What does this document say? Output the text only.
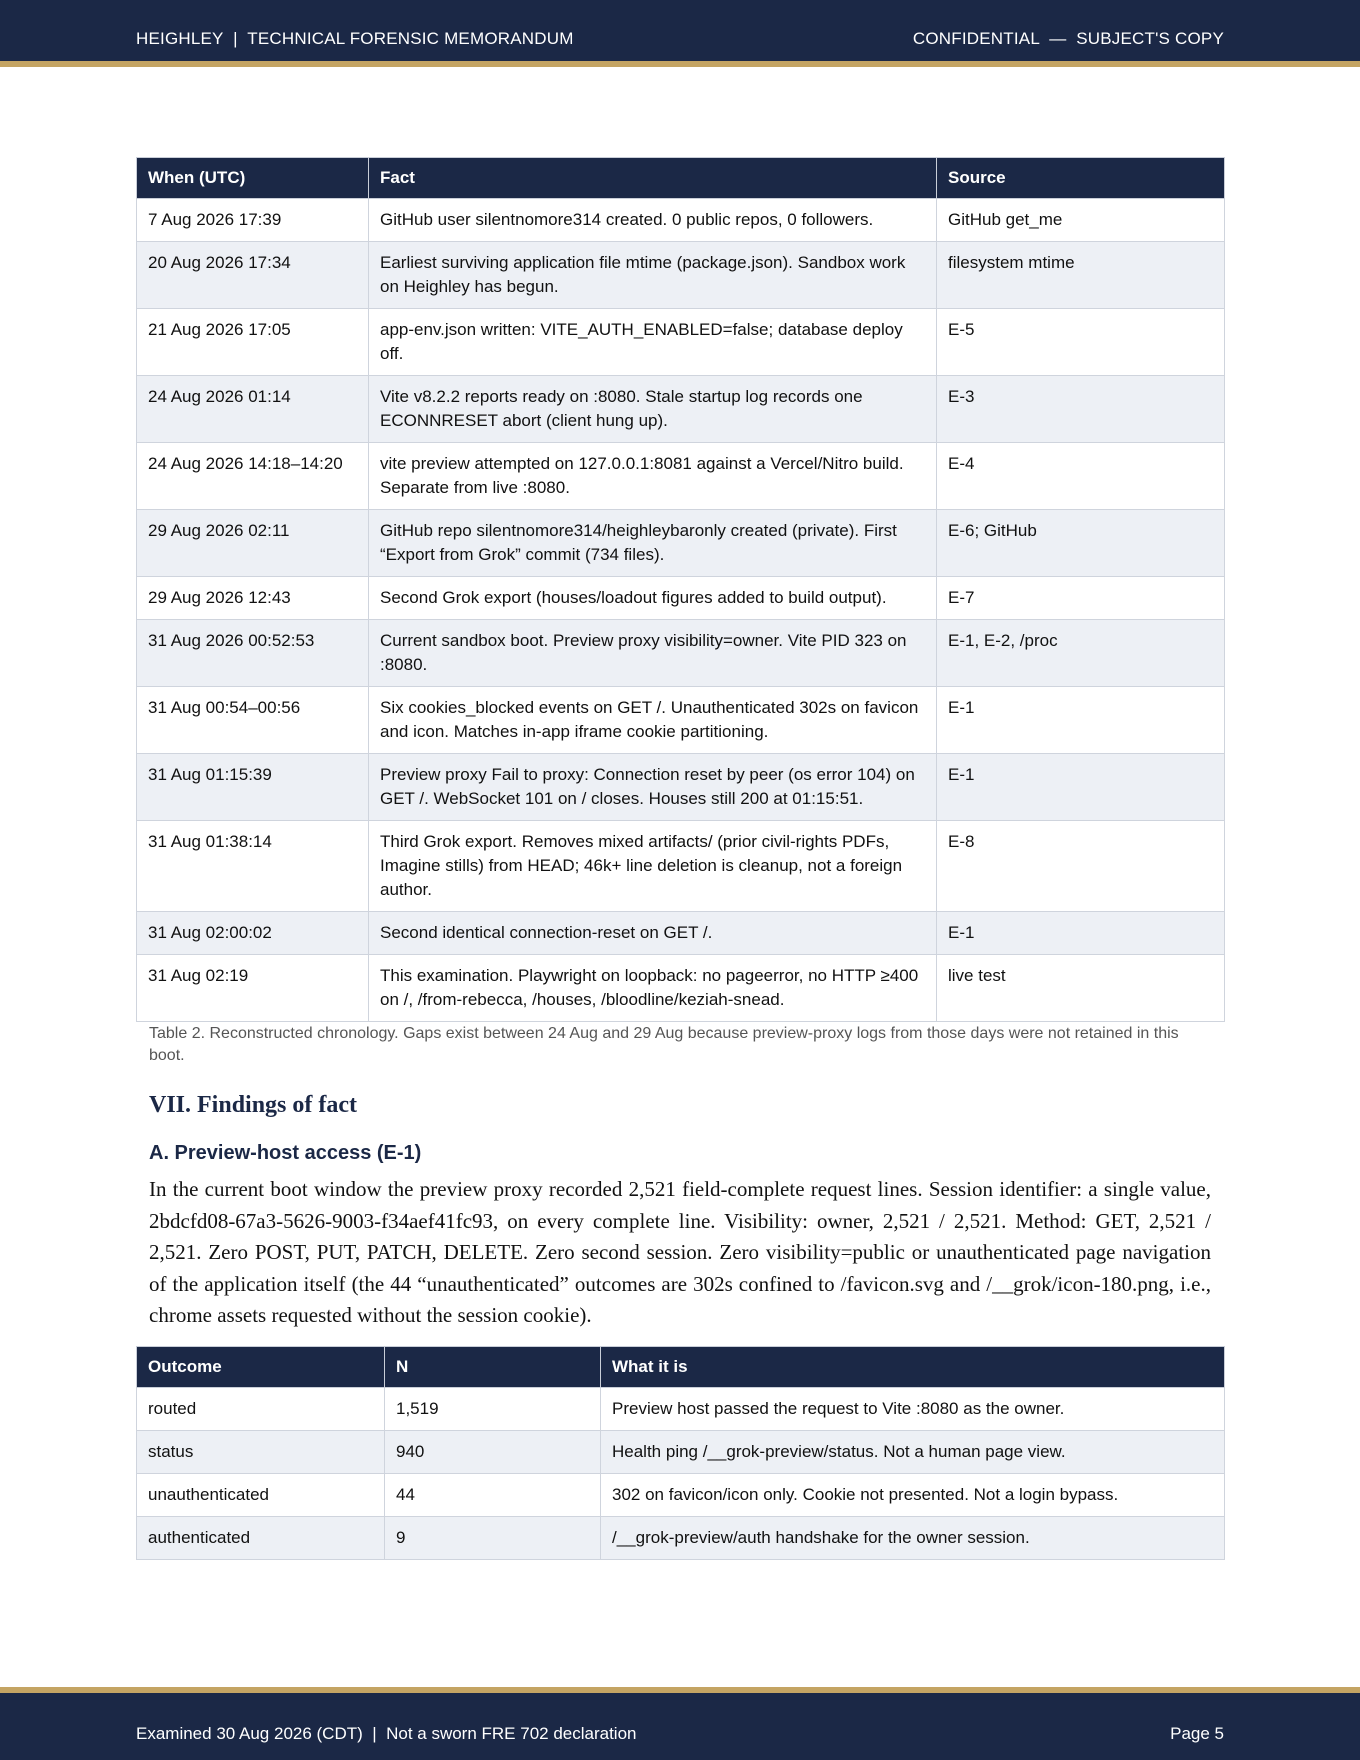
HEIGHLEY  |  TECHNICAL FORENSIC MEMORANDUM	CONFIDENTIAL  —  SUBJECT'S COPY
When (UTC)	Fact	Source
7 Aug 2026 17:39	GitHub user silentnomore314 created. 0 public repos, 0 followers.	GitHub get_me
20 Aug 2026 17:34	Earliest surviving application file mtime (package.json). Sandbox work on Heighley has begun.	filesystem mtime
21 Aug 2026 17:05	app-env.json written: VITE_AUTH_ENABLED=false; database deploy off.	E-5
24 Aug 2026 01:14	Vite v8.2.2 reports ready on :8080. Stale startup log records one ECONNRESET abort (client hung up).	E-3
24 Aug 2026 14:18–14:20	vite preview attempted on 127.0.0.1:8081 against a Vercel/Nitro build. Separate from live :8080.	E-4
29 Aug 2026 02:11	GitHub repo silentnomore314/heighleybaronly created (private). First “Export from Grok” commit (734 files).	E-6; GitHub
29 Aug 2026 12:43	Second Grok export (houses/loadout figures added to build output).	E-7
31 Aug 2026 00:52:53	Current sandbox boot. Preview proxy visibility=owner. Vite PID 323 on :8080.	E-1, E-2, /proc
31 Aug 00:54–00:56	Six cookies_blocked events on GET /. Unauthenticated 302s on favicon and icon. Matches in-app iframe cookie partitioning.	E-1
31 Aug 01:15:39	Preview proxy Fail to proxy: Connection reset by peer (os error 104) on GET /. WebSocket 101 on / closes. Houses still 200 at 01:15:51.	E-1
31 Aug 01:38:14	Third Grok export. Removes mixed artifacts/ (prior civil-rights PDFs, Imagine stills) from HEAD; 46k+ line deletion is cleanup, not a foreign author.	E-8
31 Aug 02:00:02	Second identical connection-reset on GET /.	E-1
31 Aug 02:19	This examination. Playwright on loopback: no pageerror, no HTTP ≥400 on /, /from-rebecca, /houses, /bloodline/keziah-snead.	live test
Table 2. Reconstructed chronology. Gaps exist between 24 Aug and 29 Aug because preview-proxy logs from those days were not retained in this boot.
VII. Findings of fact
A. Preview-host access (E-1)
In the current boot window the preview proxy recorded 2,521 field-complete request lines. Session identifier: a single value, 2bdcfd08-67a3-5626-9003-f34aef41fc93, on every complete line. Visibility: owner, 2,521 / 2,521. Method: GET, 2,521 / 2,521. Zero POST, PUT, PATCH, DELETE. Zero second session. Zero visibility=public or unauthenticated page navigation of the application itself (the 44 “unauthenticated” outcomes are 302s confined to /favicon.svg and /__grok/icon-180.png, i.e., chrome assets requested without the session cookie).
Outcome	N	What it is
routed	1,519	Preview host passed the request to Vite :8080 as the owner.
status	940	Health ping /__grok-preview/status. Not a human page view.
unauthenticated	44	302 on favicon/icon only. Cookie not presented. Not a login bypass.
authenticated	9	/__grok-preview/auth handshake for the owner session.
Examined 30 Aug 2026 (CDT)  |  Not a sworn FRE 702 declaration	Page 5
